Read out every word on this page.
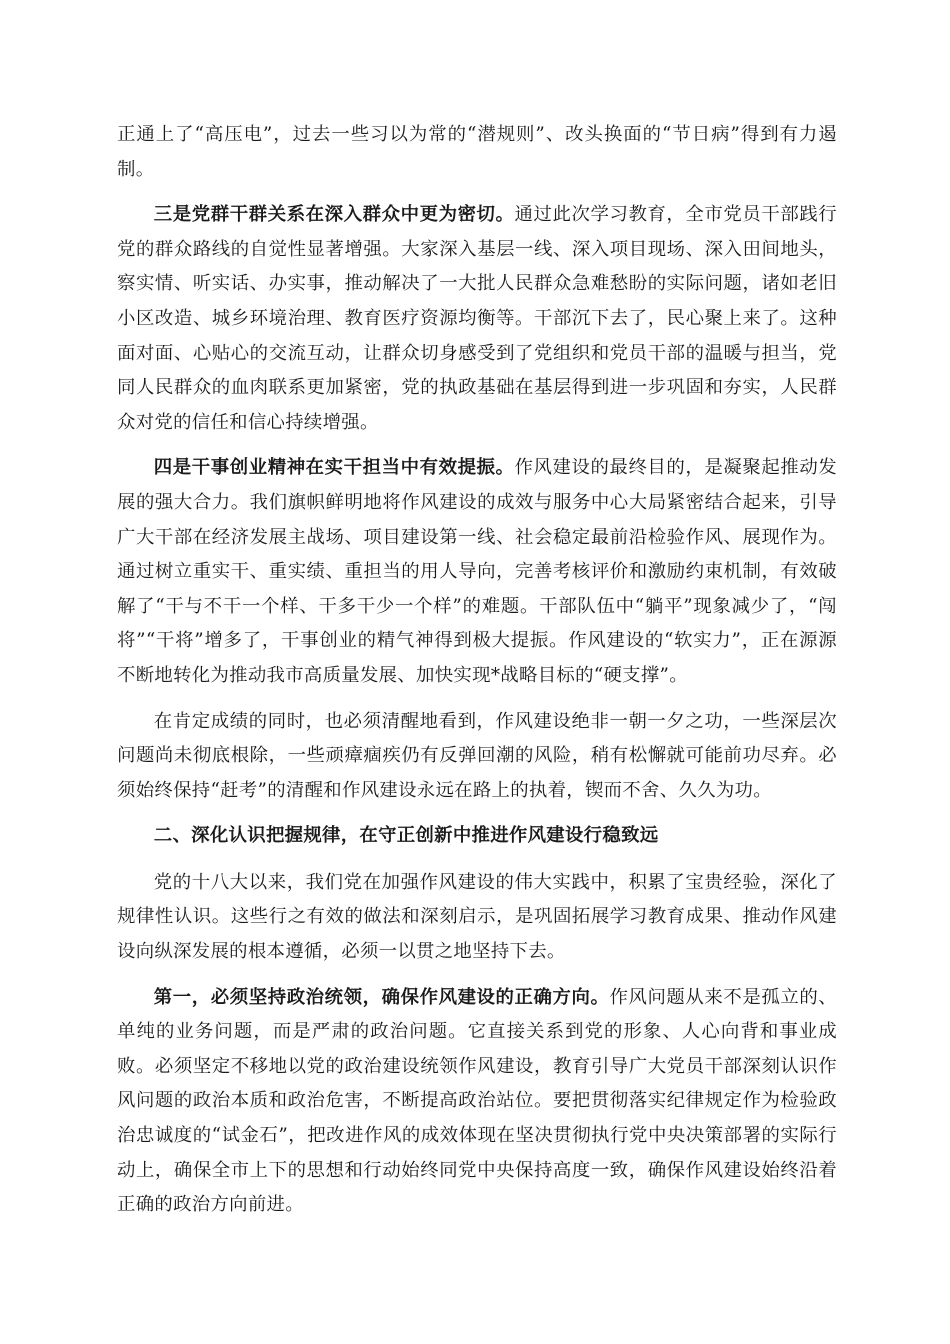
正通上了“高压电”，过去一些习以为常的“潜规则”、改头换面的“节日病”得到有力遏制。

三是党群干群关系在深入群众中更为密切。通过此次学习教育，全市党员干部践行党的群众路线的自觉性显著增强。大家深入基层一线、深入项目现场、深入田间地头，察实情、听实话、办实事，推动解决了一大批人民群众急难愁盼的实际问题，诸如老旧小区改造、城乡环境治理、教育医疗资源均衡等。干部沉下去了，民心聚上来了。这种面对面、心贴心的交流互动，让群众切身感受到了党组织和党员干部的温暖与担当，党同人民群众的血肉联系更加紧密，党的执政基础在基层得到进一步巩固和夯实，人民群众对党的信任和信心持续增强。

四是干事创业精神在实干担当中有效提振。作风建设的最终目的，是凝聚起推动发展的强大合力。我们旗帜鲜明地将作风建设的成效与服务中心大局紧密结合起来，引导广大干部在经济发展主战场、项目建设第一线、社会稳定最前沿检验作风、展现作为。通过树立重实干、重实绩、重担当的用人导向，完善考核评价和激励约束机制，有效破解了“干与不干一个样、干多干少一个样”的难题。干部队伍中“躺平”现象减少了，“闯将”“干将”增多了，干事创业的精气神得到极大提振。作风建设的“软实力”，正在源源不断地转化为推动我市高质量发展、加快实现*战略目标的“硬支撑”。

在肯定成绩的同时，也必须清醒地看到，作风建设绝非一朝一夕之功，一些深层次问题尚未彻底根除，一些顽瘴痼疾仍有反弹回潮的风险，稍有松懈就可能前功尽弃。必须始终保持“赶考”的清醒和作风建设永远在路上的执着，锲而不舍、久久为功。

二、深化认识把握规律，在守正创新中推进作风建设行稳致远

党的十八大以来，我们党在加强作风建设的伟大实践中，积累了宝贵经验，深化了规律性认识。这些行之有效的做法和深刻启示，是巩固拓展学习教育成果、推动作风建设向纵深发展的根本遵循，必须一以贯之地坚持下去。

第一，必须坚持政治统领，确保作风建设的正确方向。作风问题从来不是孤立的、单纯的业务问题，而是严肃的政治问题。它直接关系到党的形象、人心向背和事业成败。必须坚定不移地以党的政治建设统领作风建设，教育引导广大党员干部深刻认识作风问题的政治本质和政治危害，不断提高政治站位。要把贯彻落实纪律规定作为检验政治忠诚度的“试金石”，把改进作风的成效体现在坚决贯彻执行党中央决策部署的实际行动上，确保全市上下的思想和行动始终同党中央保持高度一致，确保作风建设始终沿着正确的政治方向前进。
